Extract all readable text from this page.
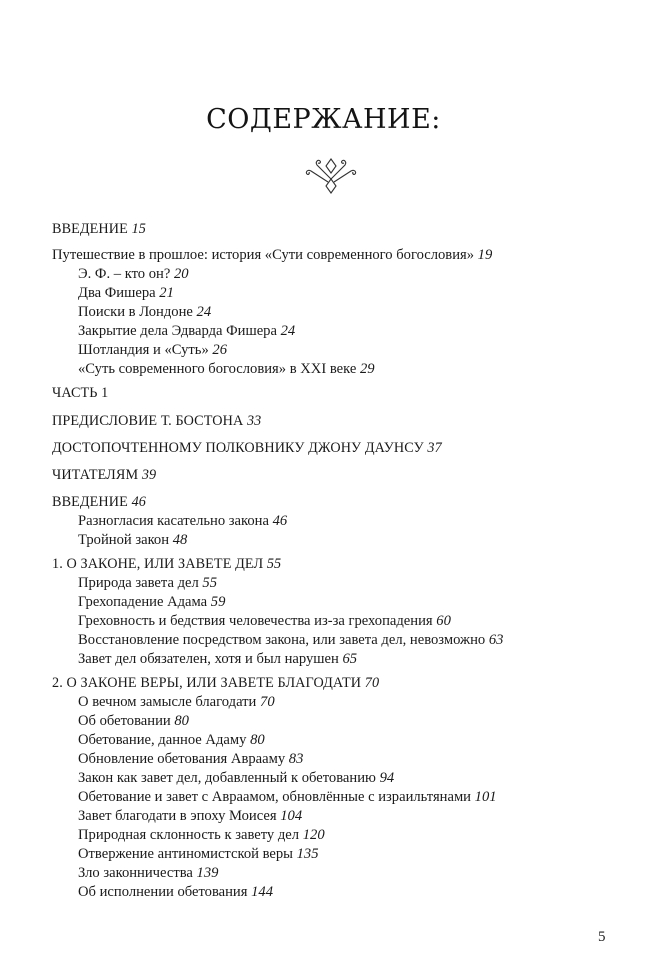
СОДЕРЖАНИЕ:
ВВЕДЕНИЕ 15
Путешествие в прошлое: история «Сути современного богословия» 19
Э. Ф. – кто он? 20
Два Фишера 21
Поиски в Лондоне 24
Закрытие дела Эдварда Фишера 24
Шотландия и «Суть» 26
«Суть современного богословия» в XXI веке 29
ЧАСТЬ 1
ПРЕДИСЛОВИЕ Т. БОСТОНА 33
ДОСТОПОЧТЕННОМУ ПОЛКОВНИКУ ДЖОНУ ДАУНСУ 37
ЧИТАТЕЛЯМ 39
ВВЕДЕНИЕ 46
Разногласия касательно закона 46
Тройной закон 48
1. О ЗАКОНЕ, ИЛИ ЗАВЕТЕ ДЕЛ 55
Природа завета дел 55
Грехопадение Адама 59
Греховность и бедствия человечества из-за грехопадения 60
Восстановление посредством закона, или завета дел, невозможно 63
Завет дел обязателен, хотя и был нарушен 65
2. О ЗАКОНЕ ВЕРЫ, ИЛИ ЗАВЕТЕ БЛАГОДАТИ 70
О вечном замысле благодати 70
Об обетовании 80
Обетование, данное Адаму 80
Обновление обетования Аврааму 83
Закон как завет дел, добавленный к обетованию 94
Обетование и завет с Авраамом, обновлённые с израильтянами 101
Завет благодати в эпоху Моисея 104
Природная склонность к завету дел 120
Отвержение антиномистской веры 135
Зло законничества 139
Об исполнении обетования 144
5
